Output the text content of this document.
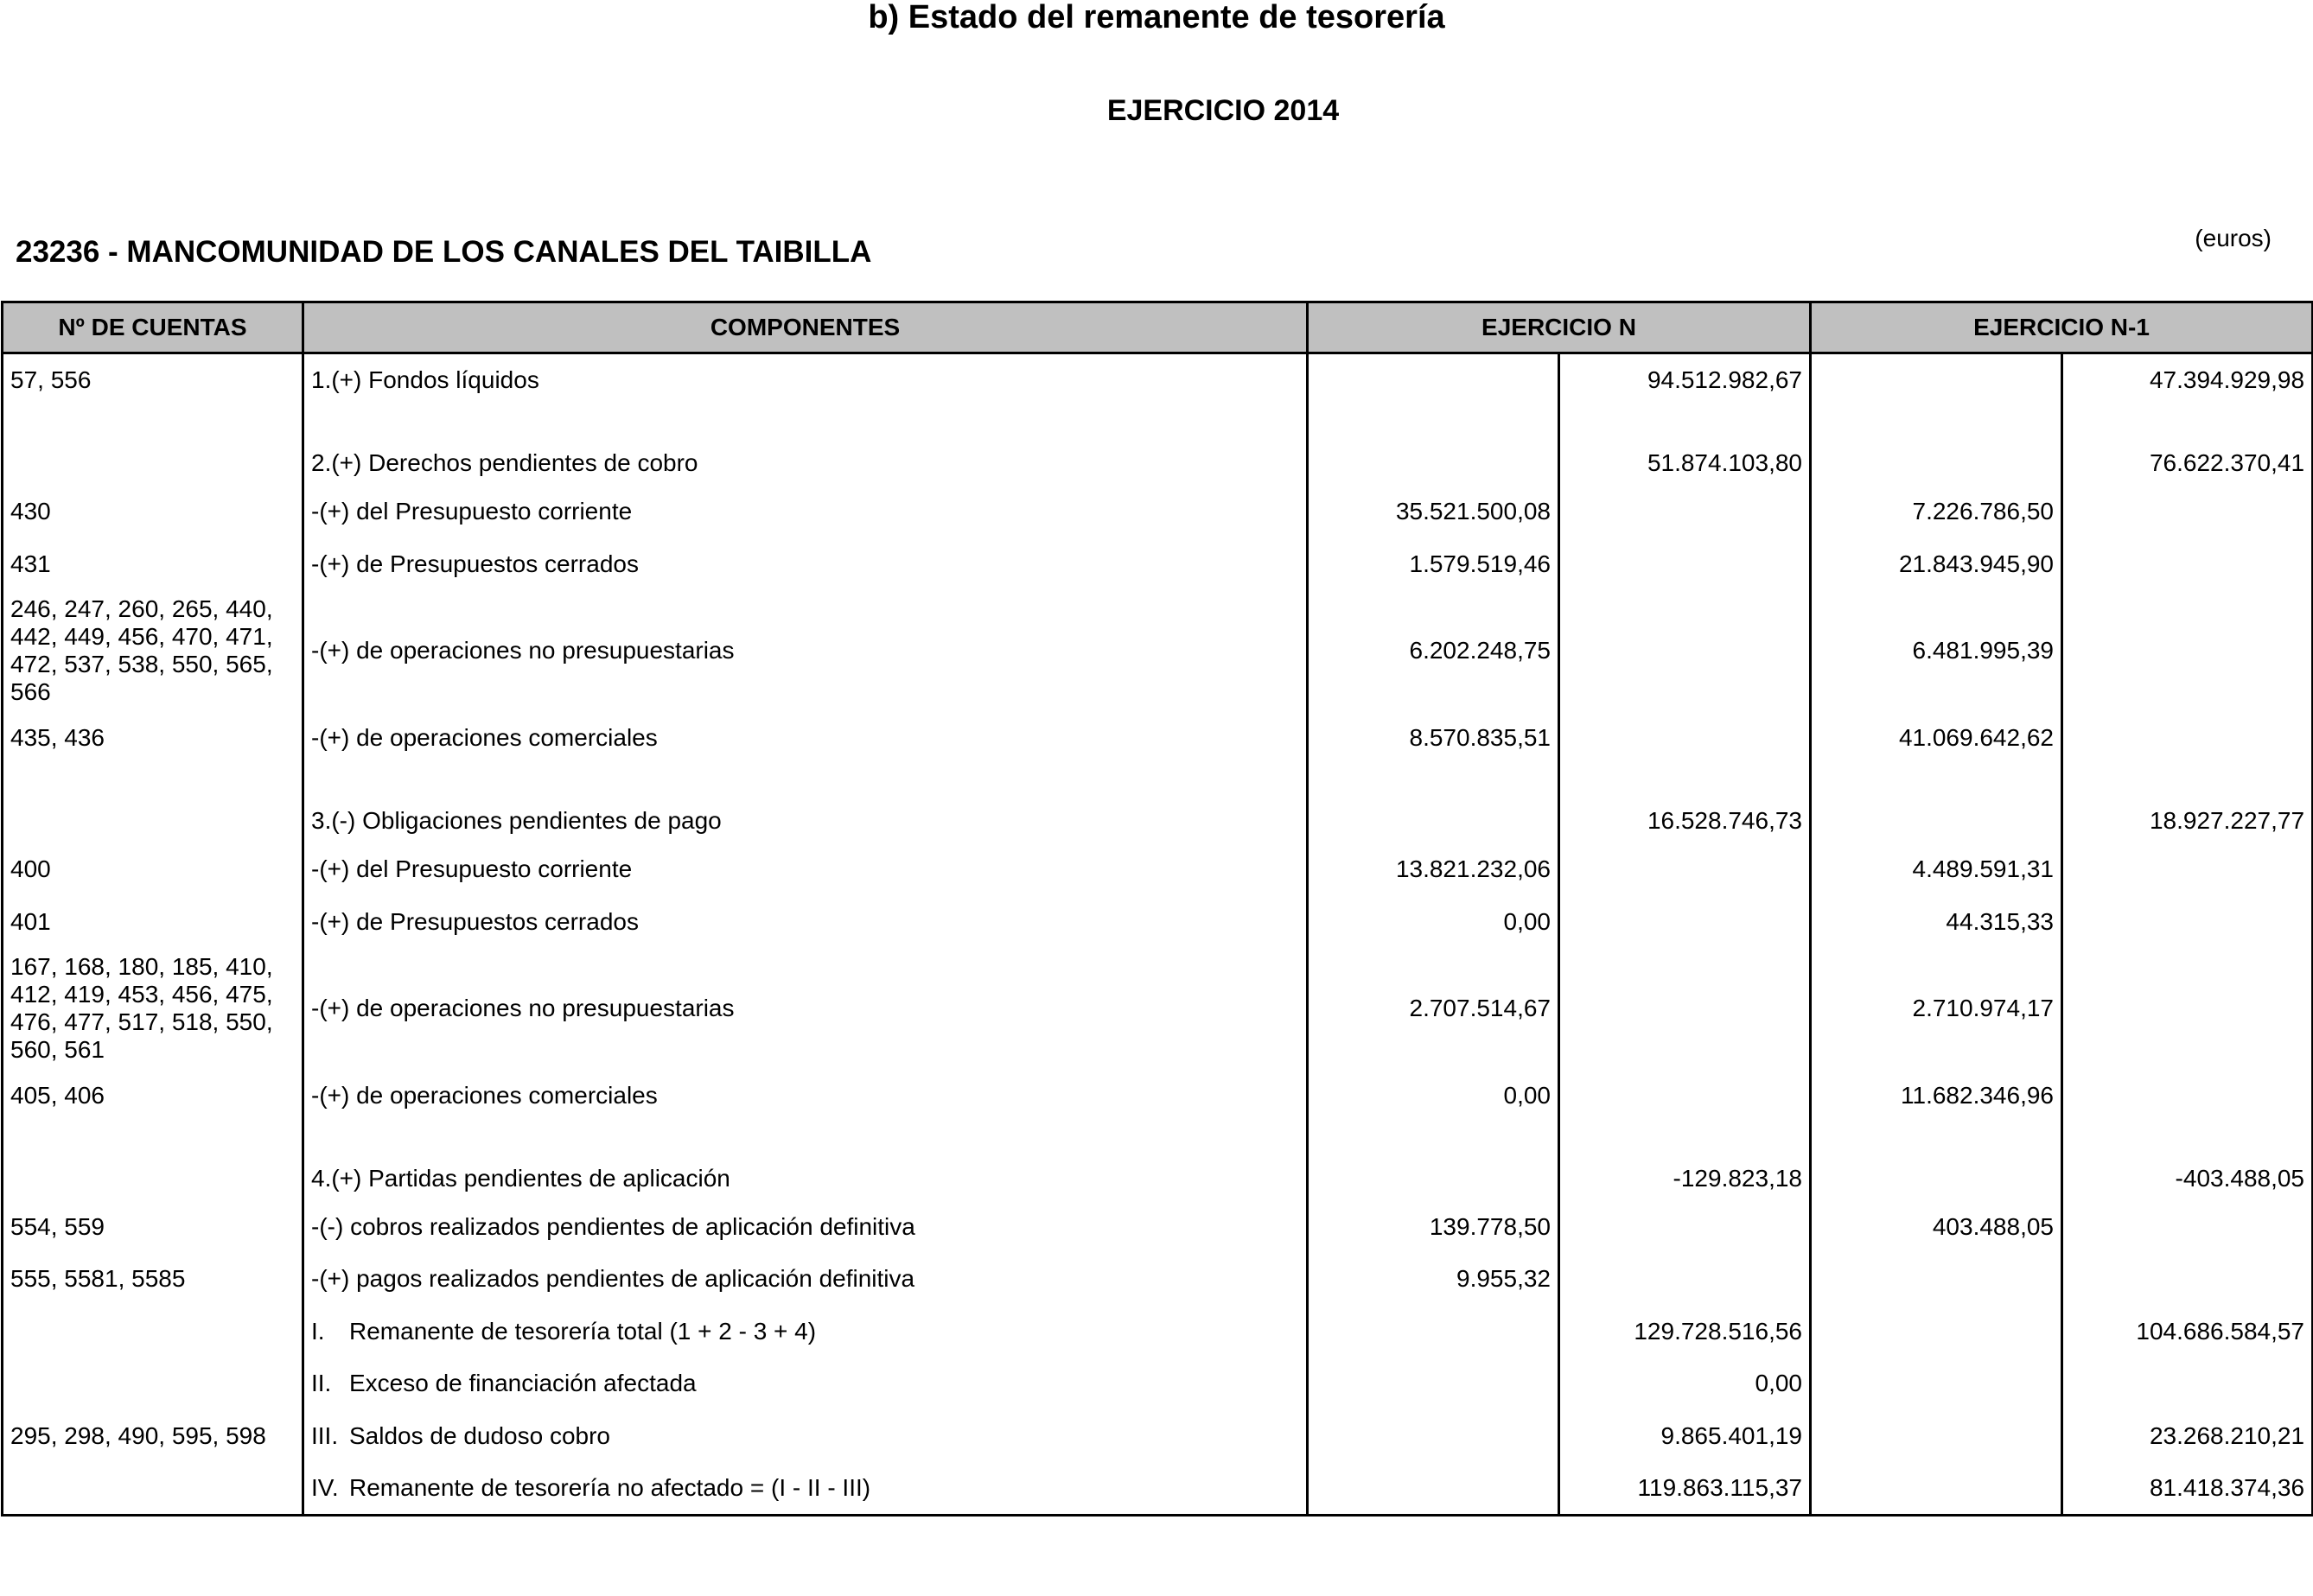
b) Estado del remanente de tesorería
EJERCICIO 2014
23236 - MANCOMUNIDAD DE LOS CANALES DEL TAIBILLA	(euros)
Nº DE CUENTAS	COMPONENTES	EJERCICIO N		EJERCICIO N-1	
57, 556	1.(+) Fondos líquidos		94.512.982,67		47.394.929,98
	2.(+) Derechos pendientes de cobro		51.874.103,80		76.622.370,41
430	-(+) del Presupuesto corriente	35.521.500,08		7.226.786,50	
431	-(+) de Presupuestos cerrados	1.579.519,46		21.843.945,90	
246, 247, 260, 265, 440, 442, 449, 456, 470, 471, 472, 537, 538, 550, 565, 566	-(+) de operaciones no presupuestarias	6.202.248,75		6.481.995,39	
435, 436	-(+) de operaciones comerciales	8.570.835,51		41.069.642,62	
	3.(-) Obligaciones pendientes de pago		16.528.746,73		18.927.227,77
400	-(+) del Presupuesto corriente	13.821.232,06		4.489.591,31	
401	-(+) de Presupuestos cerrados	0,00		44.315,33	
167, 168, 180, 185, 410, 412, 419, 453, 456, 475, 476, 477, 517, 518, 550, 560, 561	-(+) de operaciones no presupuestarias	2.707.514,67		2.710.974,17	
405, 406	-(+) de operaciones comerciales	0,00		11.682.346,96	
	4.(+) Partidas pendientes de aplicación		-129.823,18		-403.488,05
554, 559	-(-) cobros realizados pendientes de aplicación definitiva	139.778,50		403.488,05	
555, 5581, 5585	-(+) pagos realizados pendientes de aplicación definitiva	9.955,32			
	I. Remanente de tesorería total (1 + 2 - 3 + 4)		129.728.516,56		104.686.584,57
	II. Exceso de financiación afectada		0,00		
295, 298, 490, 595, 598	III. Saldos de dudoso cobro		9.865.401,19		23.268.210,21
	IV. Remanente de tesorería no afectado = (I - II - III)		119.863.115,37		81.418.374,36
